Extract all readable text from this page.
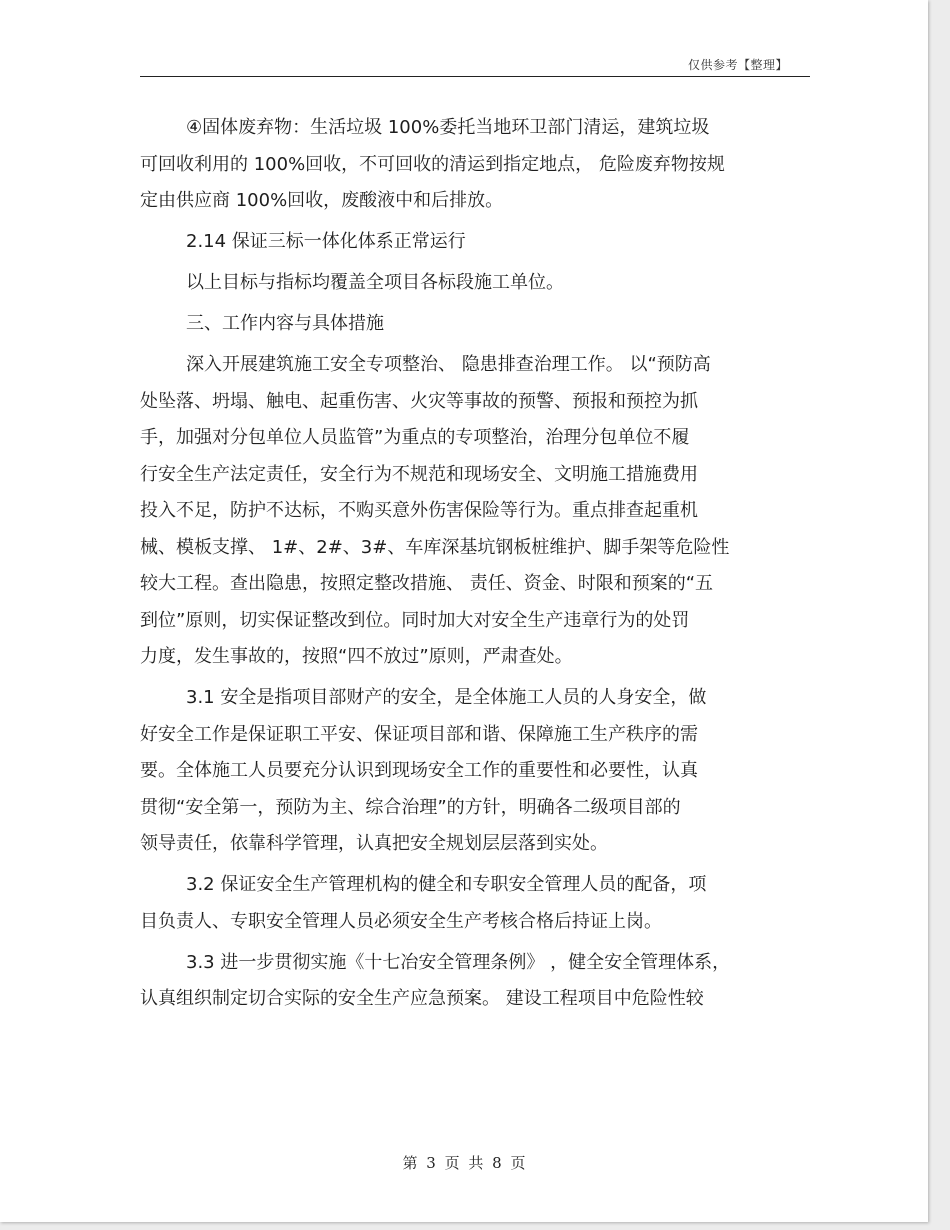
仅供参考【整理】
④固体废弃物：生活垃圾 100%委托当地环卫部门清运，建筑垃圾
可回收利用的 100%回收，不可回收的清运到指定地点， 危险废弃物按规
定由供应商 100%回收，废酸液中和后排放。
2.14 保证三标一体化体系正常运行
以上目标与指标均覆盖全项目各标段施工单位。
三、工作内容与具体措施
深入开展建筑施工安全专项整治、 隐患排查治理工作。 以“预防高
处坠落、坍塌、触电、起重伤害、火灾等事故的预警、预报和预控为抓
手，加强对分包单位人员监管”为重点的专项整治，治理分包单位不履
行安全生产法定责任，安全行为不规范和现场安全、文明施工措施费用
投入不足，防护不达标，不购买意外伤害保险等行为。重点排查起重机
械、模板支撑、 1#、2#、3#、车库深基坑钢板桩维护、脚手架等危险性
较大工程。查出隐患，按照定整改措施、 责任、资金、时限和预案的“五
到位”原则，切实保证整改到位。同时加大对安全生产违章行为的处罚
力度，发生事故的，按照“四不放过”原则，严肃查处。
3.1 安全是指项目部财产的安全，是全体施工人员的人身安全，做
好安全工作是保证职工平安、保证项目部和谐、保障施工生产秩序的需
要。全体施工人员要充分认识到现场安全工作的重要性和必要性，认真
贯彻“安全第一，预防为主、综合治理”的方针，明确各二级项目部的
领导责任，依靠科学管理，认真把安全规划层层落到实处。
3.2 保证安全生产管理机构的健全和专职安全管理人员的配备，项
目负责人、专职安全管理人员必须安全生产考核合格后持证上岗。
3.3 进一步贯彻实施《十七冶安全管理条例》 ，健全安全管理体系，
认真组织制定切合实际的安全生产应急预案。 建设工程项目中危险性较
第 3 页 共 8 页
